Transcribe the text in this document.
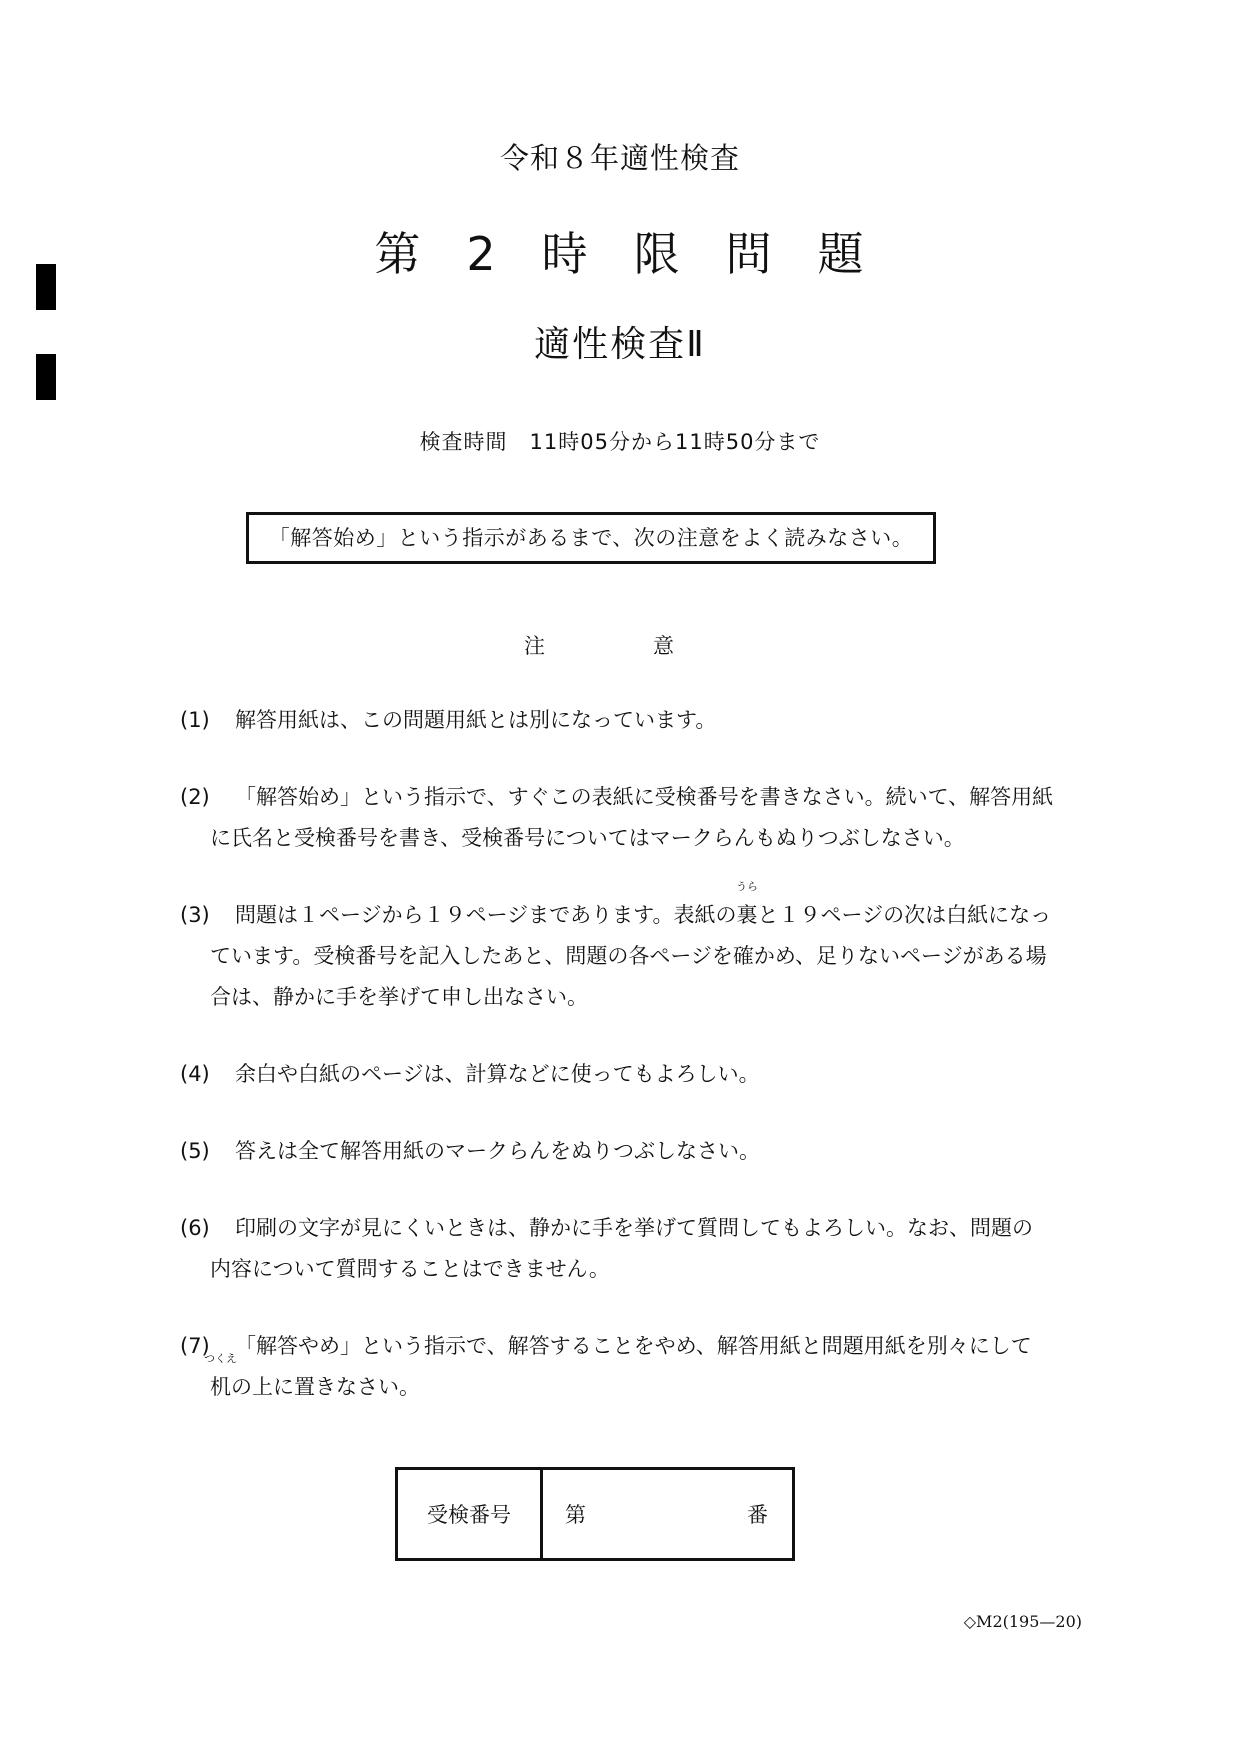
令和８年適性検査
第 2 時 限 問 題
適性検査Ⅱ
検査時間　11時05分から11時50分まで
「解答始め」という指示があるまで、次の注意をよく読みなさい。
注	意
(1) 解答用紙は、この問題用紙とは別になっています。
(2) 「解答始め」という指示で、すぐこの表紙に受検番号を書きなさい。続いて、解答用紙
に氏名と受検番号を書き、受検番号についてはマークらんもぬりつぶしなさい。
(3) 問題は１ページから１９ページまであります。表紙の
うら
裏と１９ページの次は白紙になっ
ています。受検番号を記入したあと、問題の各ページを確かめ、足りないページがある場
合は、静かに手を挙げて申し出なさい。
(4) 余白や白紙のページは、計算などに使ってもよろしい。
(5) 答えは全て解答用紙のマークらんをぬりつぶしなさい。
(6) 印刷の文字が見にくいときは、静かに手を挙げて質問してもよろしい。なお、問題の
内容について質問することはできません。
(7) 「解答やめ」という指示で、解答することをやめ、解答用紙と問題用紙を別々にして
つくえ
机の上に置きなさい。
受検番号	第	番
◇M2(195—20)
